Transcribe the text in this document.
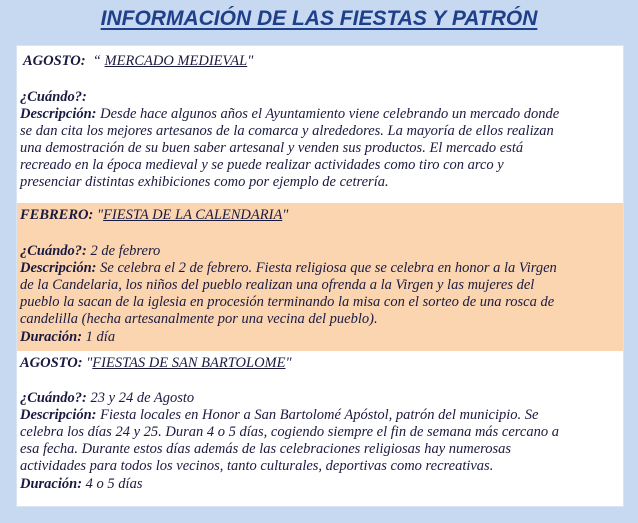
INFORMACIÓN DE LAS FIESTAS Y PATRÓN
AGOSTO: “ MERCADO MEDIEVAL"
¿Cuándo?:
Descripción: Desde hace algunos años el Ayuntamiento viene celebrando un mercado donde
se dan cita los mejores artesanos de la comarca y alrededores. La mayoría de ellos realizan
una demostración de su buen saber artesanal y venden sus productos. El mercado está
recreado en la época medieval y se puede realizar actividades como tiro con arco y
presenciar distintas exhibiciones como por ejemplo de cetrería.
FEBRERO: "FIESTA DE LA CALENDARIA"
¿Cuándo?: 2 de febrero
Descripción: Se celebra el 2 de febrero. Fiesta religiosa que se celebra en honor a la Virgen
de la Candelaria, los niños del pueblo realizan una ofrenda a la Virgen y las mujeres del
pueblo la sacan de la iglesia en procesión terminando la misa con el sorteo de una rosca de
candelilla (hecha artesanalmente por una vecina del pueblo).
Duración: 1 día
AGOSTO: "FIESTAS DE SAN BARTOLOME"
¿Cuándo?: 23 y 24 de Agosto
Descripción: Fiesta locales en Honor a San Bartolomé Apóstol, patrón del municipio. Se
celebra los días 24 y 25. Duran 4 o 5 días, cogiendo siempre el fin de semana más cercano a
esa fecha. Durante estos días además de las celebraciones religiosas hay numerosas
actividades para todos los vecinos, tanto culturales, deportivas como recreativas.
Duración: 4 o 5 días
